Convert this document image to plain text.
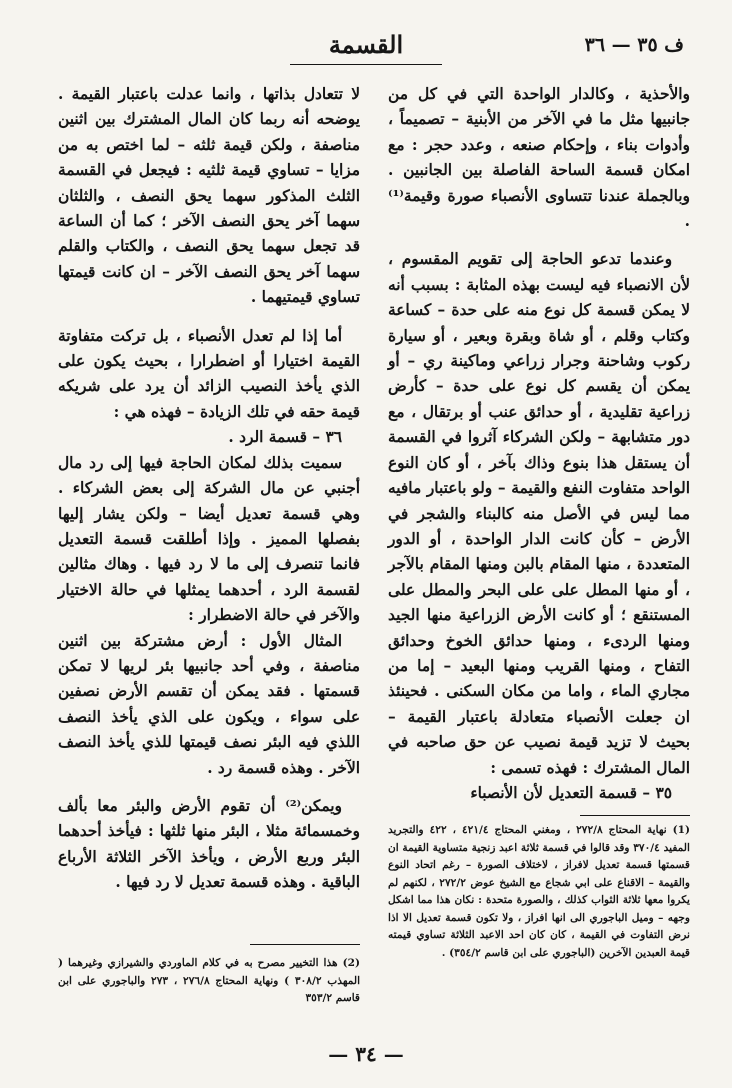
ف ٣٥ — ٣٦
القسمة

والأحذية ، وكالدار الواحدة التي في كل من جانبيها مثل ما في الآخر من الأبنية – تصميماً ، وأدوات بناء ، وإحكام صنعه ، وعدد حجر : مع امكان قسمة الساحة الفاصلة بين الجانبين . وبالجملة عندنا تتساوى الأنصباء صورة وقيمة⁽¹⁾ .

وعندما تدعو الحاجة إلى تقويم المقسوم ، لأن الانصباء فيه ليست بهذه المثابة : بسبب أنه لا يمكن قسمة كل نوع منه على حدة – كساعة وكتاب وقلم ، أو شاة وبقرة وبعير ، أو سيارة ركوب وشاحنة وجرار زراعي وماكينة ري – أو يمكن أن يقسم كل نوع على حدة – كأرض زراعية تقليدية ، أو حدائق عنب أو برتقال ، مع دور متشابهة – ولكن الشركاء آثروا في القسمة أن يستقل هذا بنوع وذاك بآخر ، أو كان النوع الواحد متفاوت النفع والقيمة – ولو باعتبار مافيه مما ليس في الأصل منه كالبناء والشجر في الأرض – كأن كانت الدار الواحدة ، أو الدور المتعددة ، منها المقام بالبن ومنها المقام بالآجر ، أو منها المطل على على البحر والمطل على المستنقع ؛ أو كانت الأرض الزراعية منها الجيد ومنها الردىء ، ومنها حدائق الخوخ وحدائق التفاح ، ومنها القريب ومنها البعيد – إما من مجاري الماء ، واما من مكان السكنى . فحينئذ ان جعلت الأنصباء متعادلة باعتبار القيمة – بحيث لا تزيد قيمة نصيب عن حق صاحبه في المال المشترك : فهذه تسمى :

٣٥ – قسمة التعديل لأن الأنصباء

لا تتعادل بذاتها ، وانما عدلت باعتبار القيمة . يوضحه أنه ربما كان المال المشترك بين اثنين مناصفة ، ولكن قيمة ثلثه – لما اختص به من مزايا – تساوي قيمة ثلثيه : فيجعل في القسمة الثلث المذكور سهما يحق النصف ، والثلثان سهما آخر يحق النصف الآخر ؛ كما أن الساعة قد تجعل سهما يحق النصف ، والكتاب والقلم سهما آخر يحق النصف الآخر – ان كانت قيمتها تساوي قيمتيهما .

أما إذا لم تعدل الأنصباء ، بل تركت متفاوتة القيمة اختيارا أو اضطرارا ، بحيث يكون على الذي يأخذ النصيب الزائد أن يرد على شريكه قيمة حقه في تلك الزيادة – فهذه هي :

٣٦ – قسمة الرد .

سميت بذلك لمكان الحاجة فيها إلى رد مال أجنبي عن مال الشركة إلى بعض الشركاء . وهي قسمة تعديل أيضا – ولكن يشار إليها بفصلها المميز . وإذا أطلقت قسمة التعديل فانما تنصرف إلى ما لا رد فيها . وهاك مثالين لقسمة الرد ، أحدهما يمثلها في حالة الاختيار والآخر في حالة الاضطرار :

المثال الأول : أرض مشتركة بين اثنين مناصفة ، وفي أحد جانبيها بئر لريها لا تمكن قسمتها . فقد يمكن أن تقسم الأرض نصفين على سواء ، ويكون على الذي يأخذ النصف اللذي فيه البئر نصف قيمتها للذي يأخذ النصف الآخر . وهذه قسمة رد .

ويمكن⁽²⁾ أن تقوم الأرض والبئر معا بألف وخمسمائة مثلا ، البئر منها ثلثها : فيأخذ أحدهما البئر وربع الأرض ، ويأخذ الآخر الثلاثة الأرباع الباقية . وهذه قسمة تعديل لا رد فيها .

(1) نهاية المحتاج ٢٧٢/٨ ، ومغني المحتاج ٤٢١/٤ ، ٤٢٢ والتجريد المفيد ٣٧٠/٤ وقد قالوا في قسمة ثلاثة اعبد زنجية متساوية القيمة ان قسمتها قسمة تعديل لافراز ، لاختلاف الصورة – رغم اتحاد النوع والقيمة – الاقناع على ابي شجاع مع الشيخ عوض ٢٧٢/٢ ، لكنهم لم يكروا معها ثلاثة الثواب كذلك ، والصورة متحدة : نكان هذا مما اشكل وجهه – وميل الباجوري الى انها افراز ، ولا تكون قسمة تعديل الا اذا نرض التفاوت في القيمة ، كان كان احد الاعبد الثلاثة تساوي قيمته قيمة العبدين الآخرين (الباجوري على ابن قاسم ٣٥٤/٢) .

(2) هذا التخيير مصرح به في كلام الماوردي والشيرازي وغيرهما ( المهذب ٣٠٨/٢ ) ونهاية المحتاج ٢٧٦/٨ ، ٢٧٣ والباجوري على ابن قاسم ٣٥٣/٢

— ٣٤ —
